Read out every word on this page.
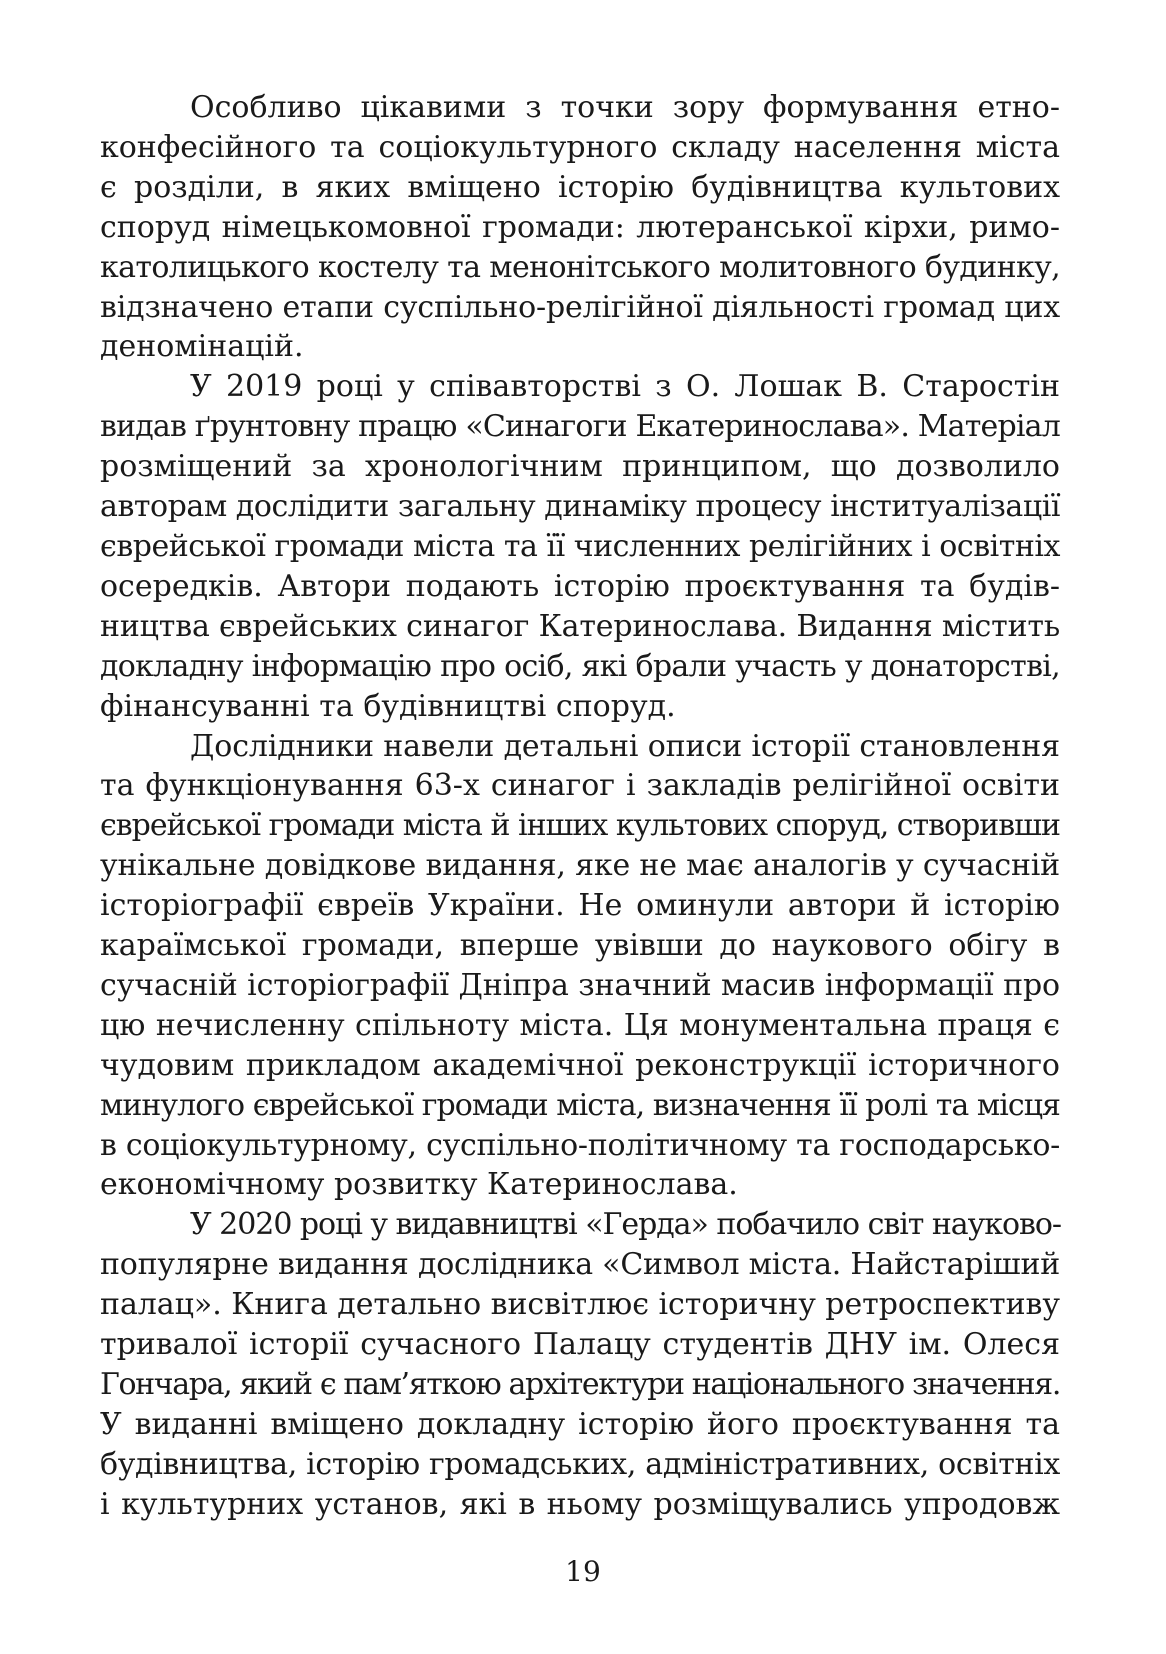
Особливо цікавими з точки зору формування етно-
конфесійного та соціокультурного складу населення міста
є розділи, в яких вміщено історію будівництва культових
споруд німецькомовної громади: лютеранської кірхи, римо-
католицького костелу та менонітського молитовного будинку,
відзначено етапи суспільно-релігійної діяльності громад цих
деномінацій.
У 2019 році у співавторстві з О. Лошак В. Старостін
видав ґрунтовну працю «Синагоги Екатеринослава». Матеріал
розміщений за хронологічним принципом, що дозволило
авторам дослідити загальну динаміку процесу інституалізації
єврейської громади міста та її численних релігійних і освітніх
осередків. Автори подають історію проєктування та будів-
ництва єврейських синагог Катеринослава. Видання містить
докладну інформацію про осіб, які брали участь у донаторстві,
фінансуванні та будівництві споруд.
Дослідники навели детальні описи історії становлення
та функціонування 63-х синагог і закладів релігійної освіти
єврейської громади міста й інших культових споруд, створивши
унікальне довідкове видання, яке не має аналогів у сучасній
історіографії євреїв України. Не оминули автори й історію
караїмської громади, вперше увівши до наукового обігу в
сучасній історіографії Дніпра значний масив інформації про
цю нечисленну спільноту міста. Ця монументальна праця є
чудовим прикладом академічної реконструкції історичного
минулого єврейської громади міста, визначення її ролі та місця
в соціокультурному, суспільно-політичному та господарсько-
економічному розвитку Катеринослава.
У 2020 році у видавництві «Герда» побачило світ науково-
популярне видання дослідника «Символ міста. Найстаріший
палац». Книга детально висвітлює історичну ретроспективу
тривалої історії сучасного Палацу студентів ДНУ ім. Олеся
Гончара, який є пам’яткою архітектури національного значення.
У виданні вміщено докладну історію його проєктування та
будівництва, історію громадських, адміністративних, освітніх
і культурних установ, які в ньому розміщувались упродовж
19
